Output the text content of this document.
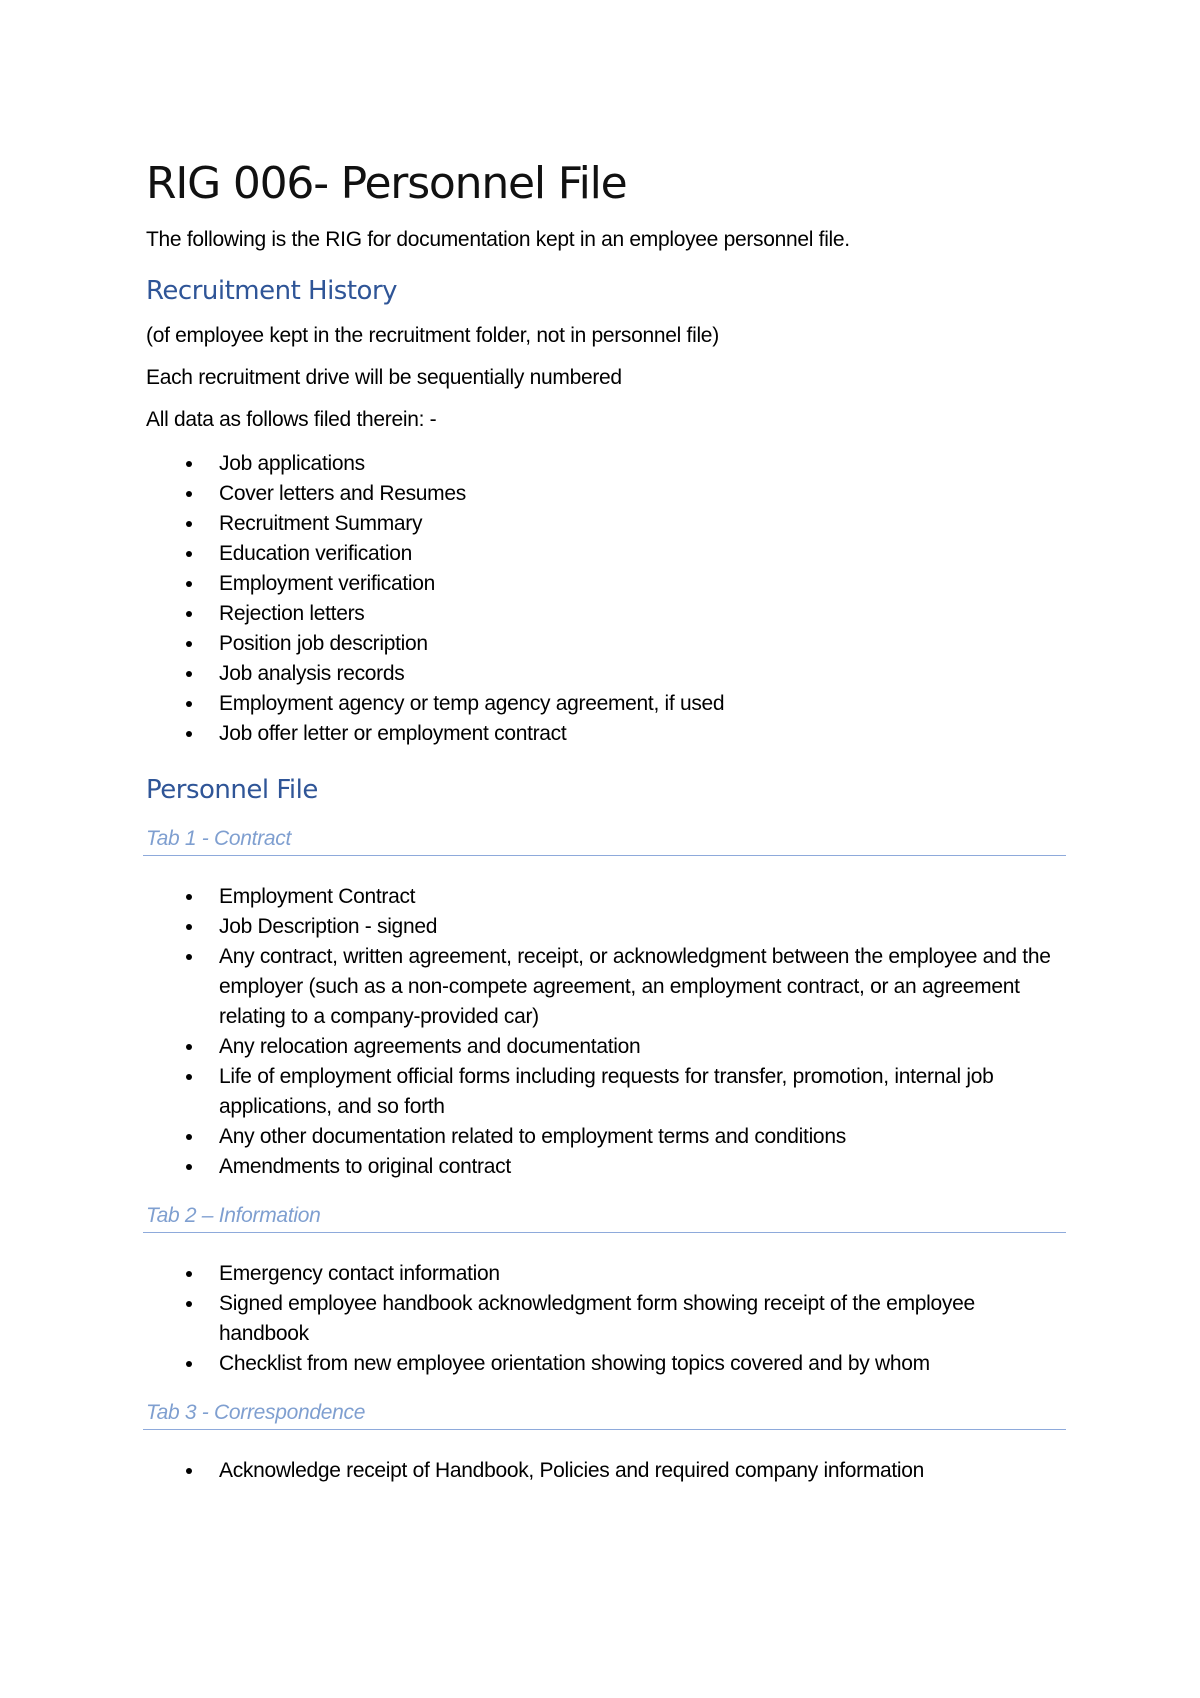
RIG 006- Personnel File

The following is the RIG for documentation kept in an employee personnel file.

Recruitment History

(of employee kept in the recruitment folder, not in personnel file)

Each recruitment drive will be sequentially numbered

All data as follows filed therein: -

Job applications
Cover letters and Resumes
Recruitment Summary
Education verification
Employment verification
Rejection letters
Position job description
Job analysis records
Employment agency or temp agency agreement, if used
Job offer letter or employment contract
Personnel File
Tab 1 - Contract
Employment Contract
Job Description - signed
Any contract, written agreement, receipt, or acknowledgment between the employee and the employer (such as a non-compete agreement, an employment contract, or an agreement relating to a company-provided car)
Any relocation agreements and documentation
Life of employment official forms including requests for transfer, promotion, internal job applications, and so forth
Any other documentation related to employment terms and conditions
Amendments to original contract
Tab 2 – Information
Emergency contact information
Signed employee handbook acknowledgment form showing receipt of the employee handbook
Checklist from new employee orientation showing topics covered and by whom
Tab 3 - Correspondence
Acknowledge receipt of Handbook, Policies and required company information
